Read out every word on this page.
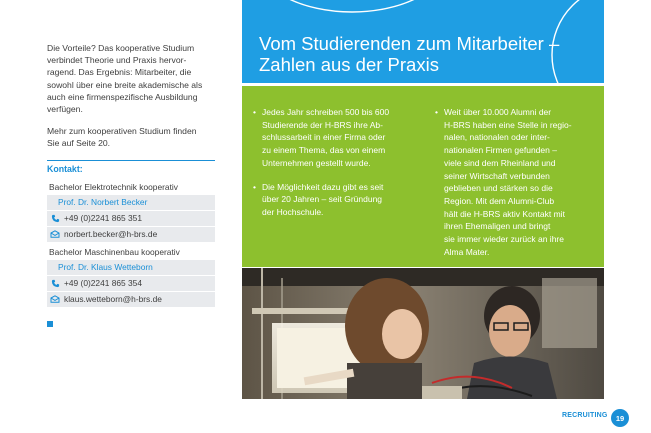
Die Vorteile? Das kooperative Studium
verbindet Theorie und Praxis hervor-
ragend. Das Ergebnis: Mitarbeiter, die
sowohl über eine breite akademische als
auch eine firmenspezifische Ausbildung
verfügen.

Mehr zum kooperativen Studium finden
Sie auf Seite 20.

Kontakt:
Bachelor Elektrotechnik kooperativ
Prof. Dr. Norbert Becker
+49 (0)2241 865 351
norbert.becker@h-brs.de
Bachelor Maschinenbau kooperativ
Prof. Dr. Klaus Wetteborn
+49 (0)2241 865 354
klaus.wetteborn@h-brs.de
Vom Studierenden zum Mitarbeiter –
Zahlen aus der Praxis
• Jedes Jahr schreiben 500 bis 600
Studierende der H-BRS ihre Ab-
schlussarbeit in einer Firma oder
zu einem Thema, das von einem
Unternehmen gestellt wurde.
• Die Möglichkeit dazu gibt es seit
über 20 Jahren – seit Gründung
der Hochschule.
• Weit über 10.000 Alumni der
H-BRS haben eine Stelle in regio-
nalen, nationalen oder inter-
nationalen Firmen gefunden –
viele sind dem Rheinland und
seiner Wirtschaft verbunden
geblieben und stärken so die
Region. Mit dem Alumni-Club
hält die H-BRS aktiv Kontakt mit
ihren Ehemaligen und bringt
sie immer wieder zurück an ihre
Alma Mater.
RECRUITING	19
